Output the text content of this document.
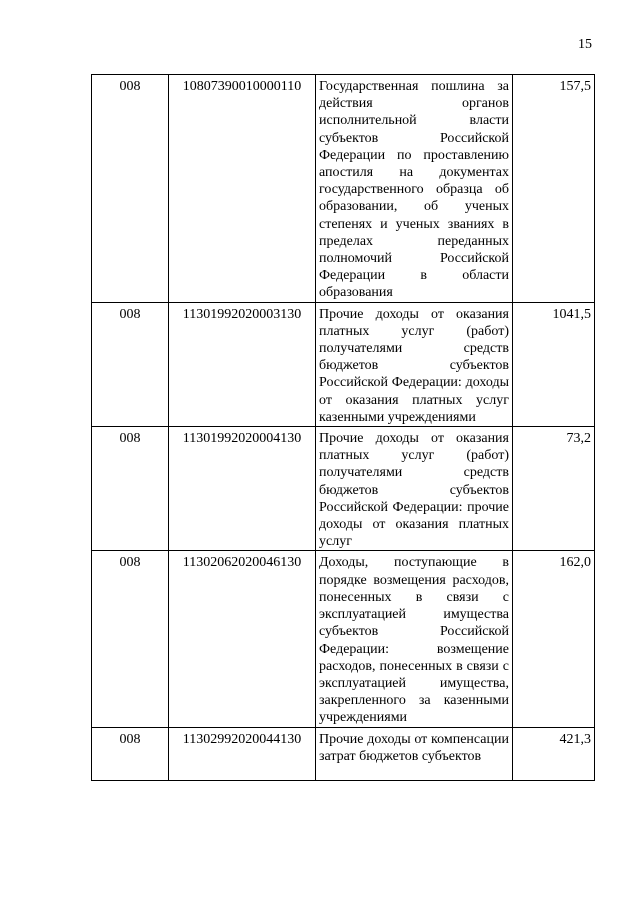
15
008	10807390010000110	Государственная пошлина за действия органов исполнительной власти субъектов Российской Федерации по проставлению апостиля на документах государственного образца об образовании, об ученых степенях и ученых званиях в пределах переданных полномочий Российской Федерации в области образования	157,5
008	11301992020003130	Прочие доходы от оказания платных услуг (работ) получателями средств бюджетов субъектов Российской Федерации: доходы от оказания платных услуг казенными учреждениями	1041,5
008	11301992020004130	Прочие доходы от оказания платных услуг (работ) получателями средств бюджетов субъектов Российской Федерации: прочие доходы от оказания платных услуг	73,2
008	11302062020046130	Доходы, поступающие в порядке возмещения расходов, понесенных в связи с эксплуатацией имущества субъектов Российской Федерации: возмещение расходов, понесенных в связи с эксплуатацией имущества, закрепленного за казенными учреждениями	162,0
008	11302992020044130	Прочие доходы от компенсации затрат бюджетов субъектов	421,3
